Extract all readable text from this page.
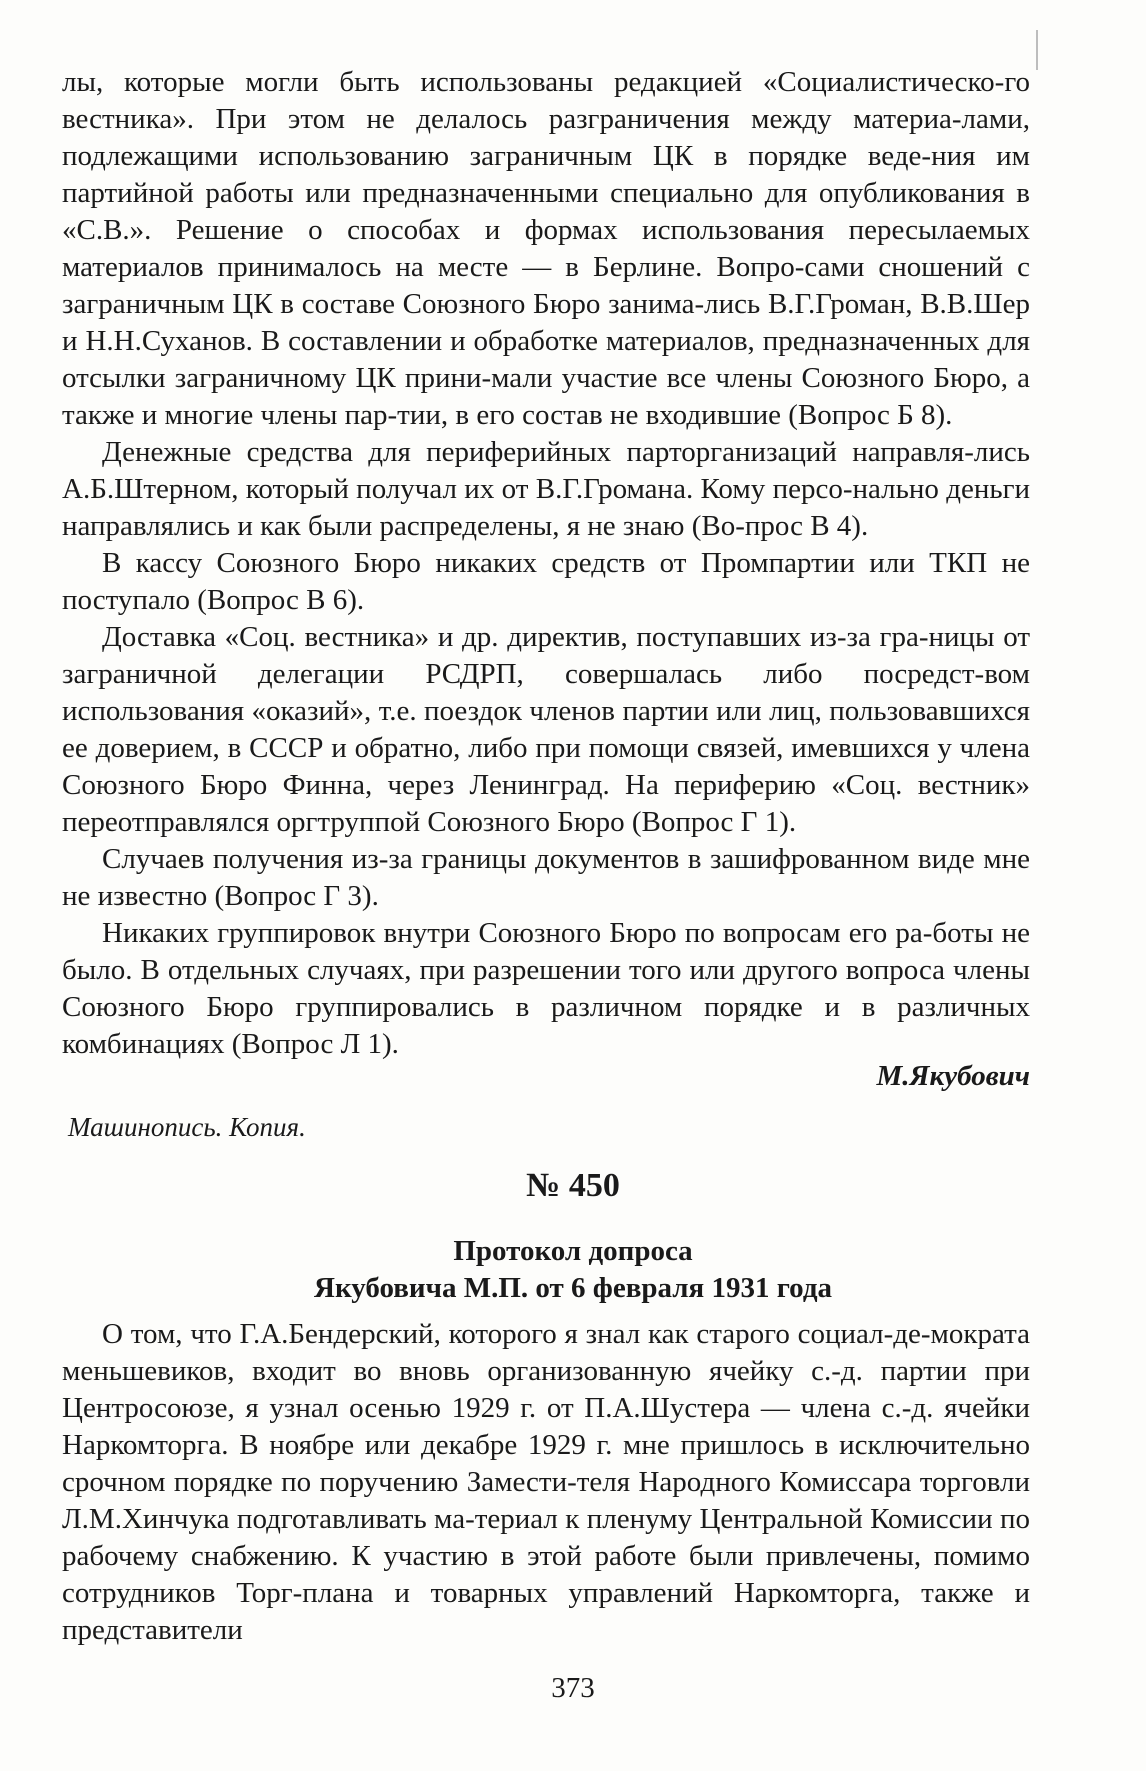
лы, которые могли быть использованы редакцией «Социалистическо-го вестника». При этом не делалось разграничения между материа-лами, подлежащими использованию заграничным ЦК в порядке веде-ния им партийной работы или предназначенными специально для опубликования в «С.В.». Решение о способах и формах использования пересылаемых материалов принималось на месте — в Берлине. Вопро-сами сношений с заграничным ЦК в составе Союзного Бюро занима-лись В.Г.Громан, В.В.Шер и Н.Н.Суханов. В составлении и обработке материалов, предназначенных для отсылки заграничному ЦК прини-мали участие все члены Союзного Бюро, а также и многие члены пар-тии, в его состав не входившие (Вопрос Б 8).

Денежные средства для периферийных парторганизаций направля-лись А.Б.Штерном, который получал их от В.Г.Громана. Кому персо-нально деньги направлялись и как были распределены, я не знаю (Во-прос В 4).

В кассу Союзного Бюро никаких средств от Промпартии или ТКП не поступало (Вопрос В 6).

Доставка «Соц. вестника» и др. директив, поступавших из-за гра-ницы от заграничной делегации РСДРП, совершалась либо посредст-вом использования «оказий», т.е. поездок членов партии или лиц, пользовавшихся ее доверием, в СССР и обратно, либо при помощи связей, имевшихся у члена Союзного Бюро Финна, через Ленинград. На периферию «Соц. вестник» переотправлялся оргтруппой Союзного Бюро (Вопрос Г 1).

Случаев получения из-за границы документов в зашифрованном виде мне не известно (Вопрос Г 3).

Никаких группировок внутри Союзного Бюро по вопросам его ра-боты не было. В отдельных случаях, при разрешении того или другого вопроса члены Союзного Бюро группировались в различном порядке и в различных комбинациях (Вопрос Л 1).

М.Якубович
Машинопись. Копия.
№ 450
Протокол допроса
Якубовича М.П. от 6 февраля 1931 года

О том, что Г.А.Бендерский, которого я знал как старого социал-де-мократа меньшевиков, входит во вновь организованную ячейку с.-д. партии при Центросоюзе, я узнал осенью 1929 г. от П.А.Шустера — члена с.-д. ячейки Наркомторга. В ноябре или декабре 1929 г. мне пришлось в исключительно срочном порядке по поручению Замести-теля Народного Комиссара торговли Л.М.Хинчука подготавливать ма-териал к пленуму Центральной Комиссии по рабочему снабжению. К участию в этой работе были привлечены, помимо сотрудников Торг-плана и товарных управлений Наркомторга, также и представители

373
